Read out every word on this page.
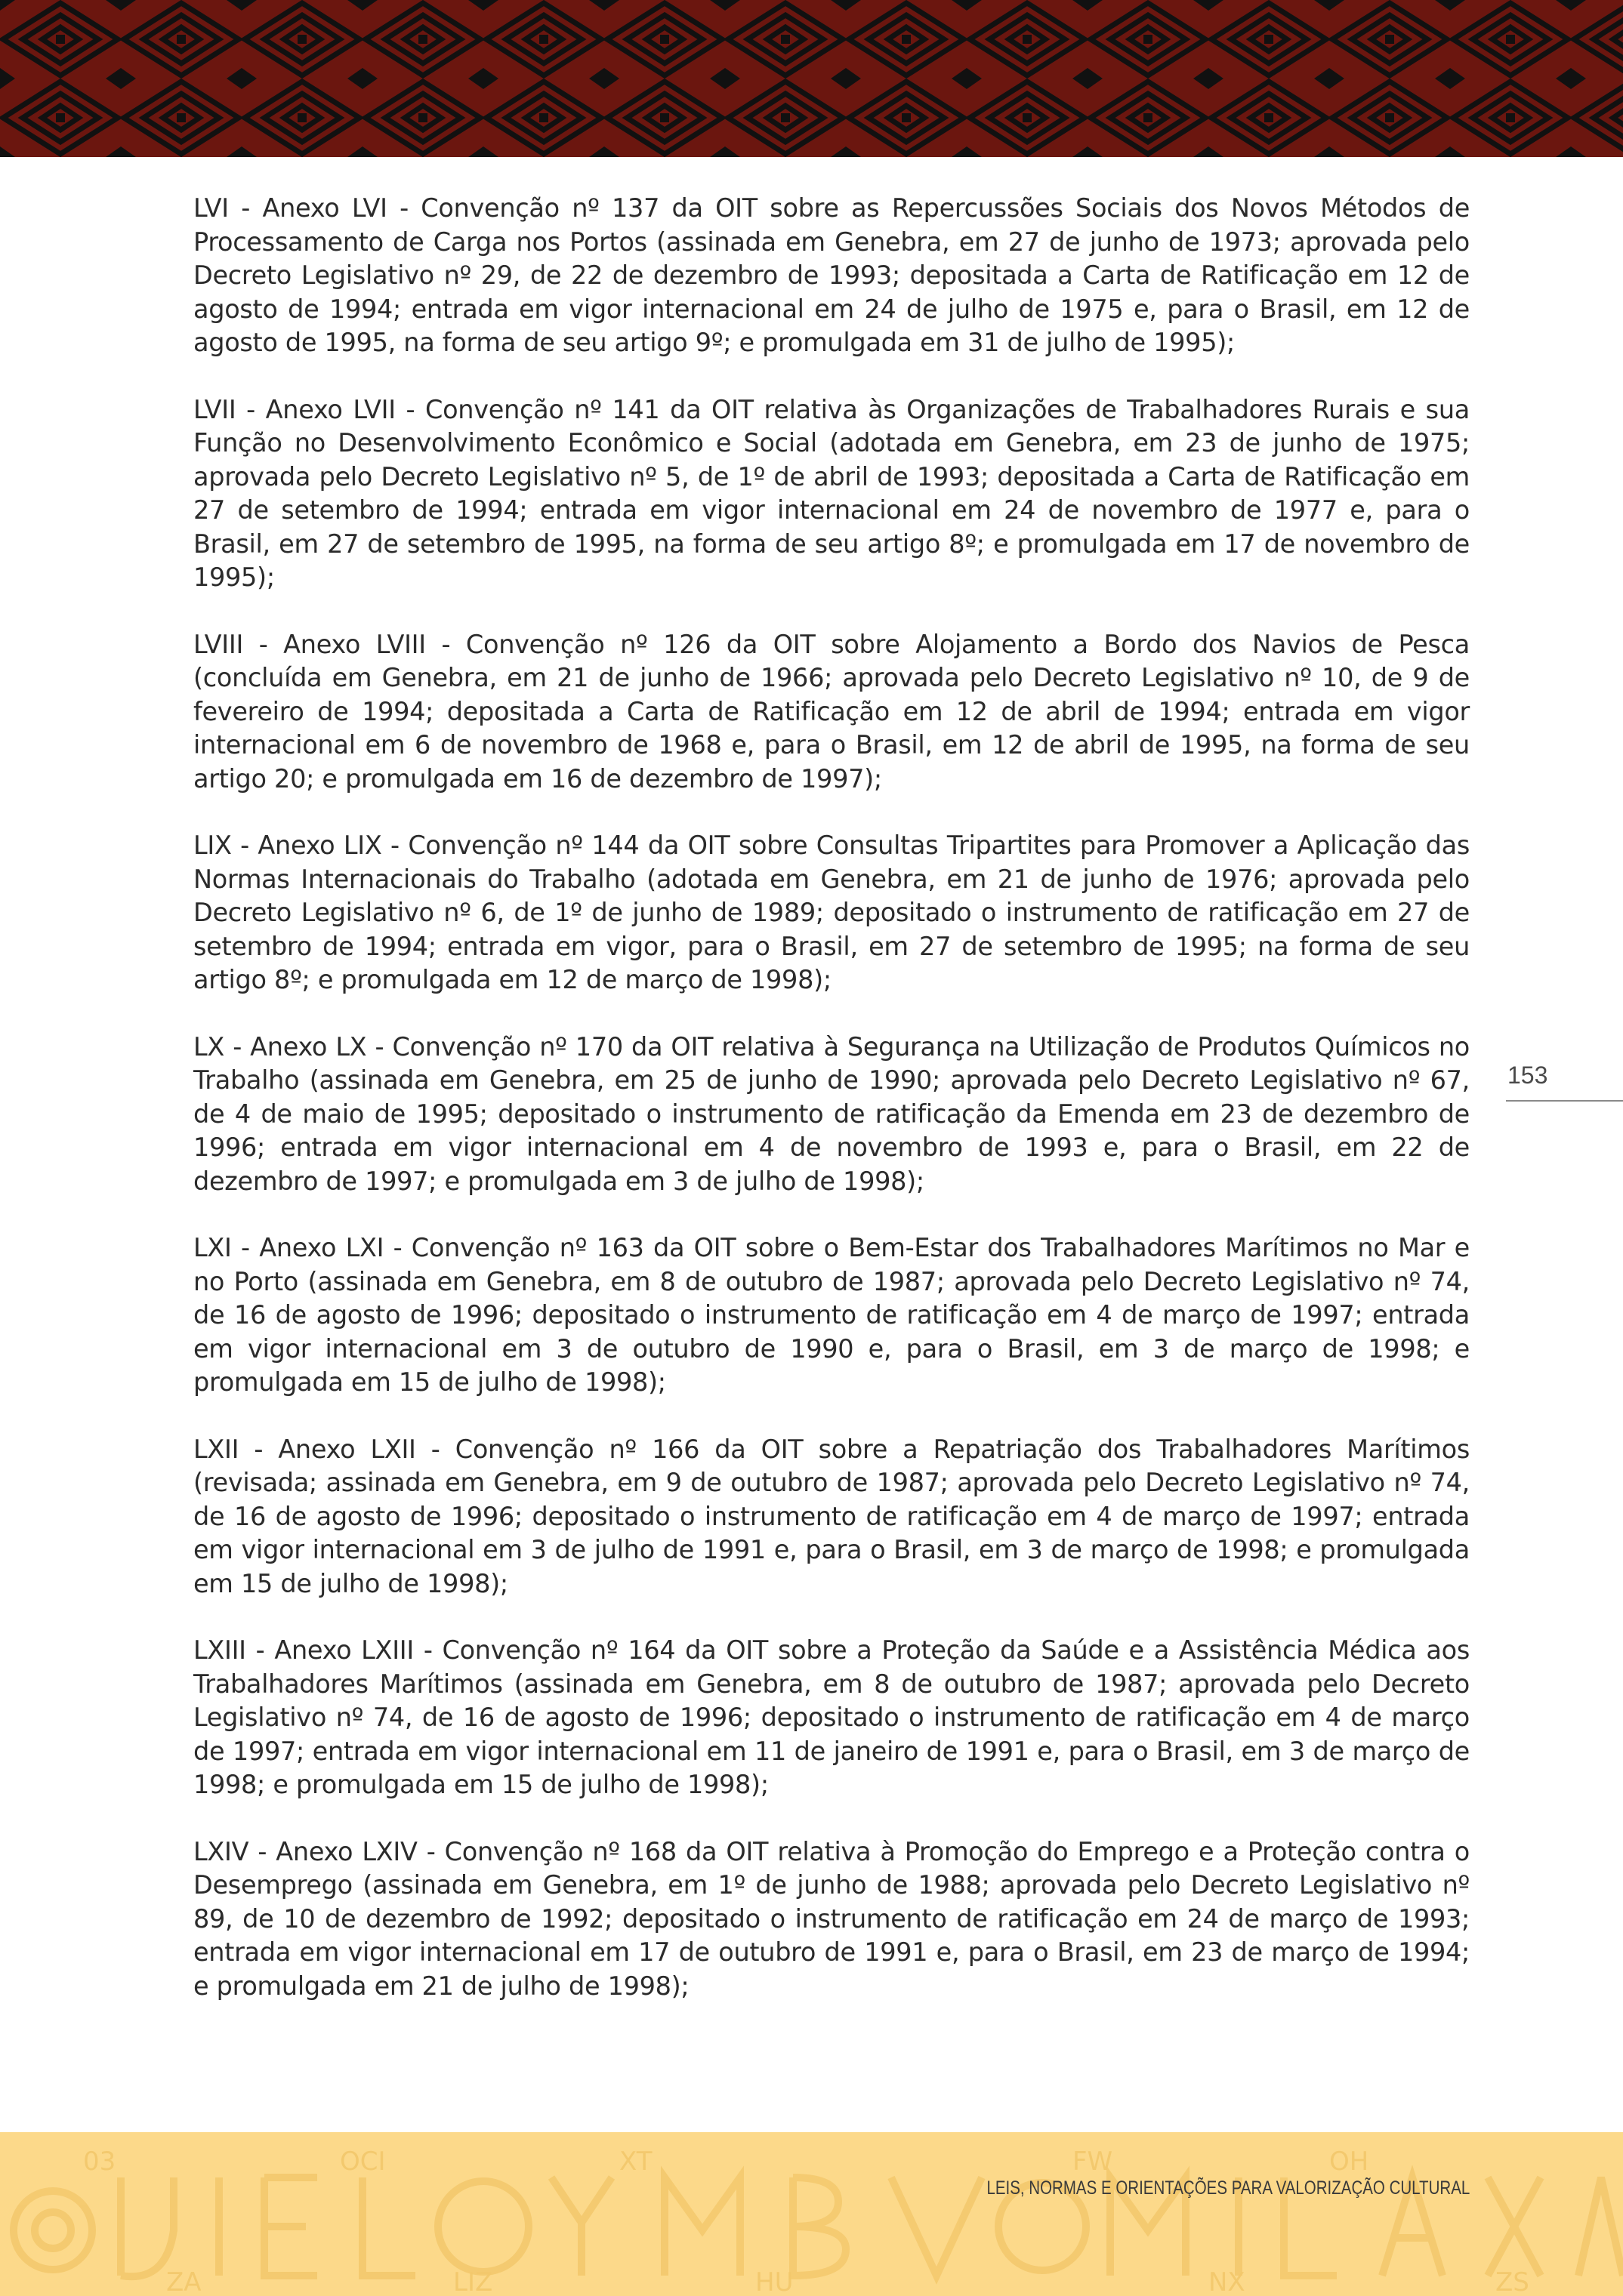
LVI - Anexo LVI - Convenção nº 137 da OIT sobre as Repercussões Sociais dos Novos Métodos de Processamento de Carga nos Portos (assinada em Genebra, em 27 de junho de 1973; aprovada pelo Decreto Legislativo nº 29, de 22 de dezembro de 1993; depositada a Carta de Ratificação em 12 de agosto de 1994; entrada em vigor internacional em 24 de julho de 1975 e, para o Brasil, em 12 de agosto de 1995, na forma de seu artigo 9º; e promulgada em 31 de julho de 1995);

LVII - Anexo LVII - Convenção nº 141 da OIT relativa às Organizações de Trabalhadores Rurais e sua Função no Desenvolvimento Econômico e Social (adotada em Genebra, em 23 de junho de 1975; aprovada pelo Decreto Legislativo nº 5, de 1º de abril de 1993; depositada a Carta de Ratificação em 27 de setembro de 1994; entrada em vigor internacional em 24 de novembro de 1977 e, para o Brasil, em 27 de setembro de 1995, na forma de seu artigo 8º; e promulgada em 17 de novembro de 1995);

LVIII - Anexo LVIII - Convenção nº 126 da OIT sobre Alojamento a Bordo dos Navios de Pesca (concluída em Genebra, em 21 de junho de 1966; aprovada pelo Decreto Legislativo nº 10, de 9 de fevereiro de 1994; depositada a Carta de Ratificação em 12 de abril de 1994; entrada em vigor internacional em 6 de novembro de 1968 e, para o Brasil, em 12 de abril de 1995, na forma de seu artigo 20; e promulgada em 16 de dezembro de 1997);

LIX - Anexo LIX - Convenção nº 144 da OIT sobre Consultas Tripartites para Promover a Aplicação das Normas Internacionais do Trabalho (adotada em Genebra, em 21 de junho de 1976; aprovada pelo Decreto Legislativo nº 6, de 1º de junho de 1989; depositado o instrumento de ratificação em 27 de setembro de 1994; entrada em vigor, para o Brasil, em 27 de setembro de 1995; na forma de seu artigo 8º; e promulgada em 12 de março de 1998);

LX - Anexo LX - Convenção nº 170 da OIT relativa à Segurança na Utilização de Produtos Químicos no Trabalho (assinada em Genebra, em 25 de junho de 1990; aprovada pelo Decreto Legislativo nº 67, de 4 de maio de 1995; depositado o instrumento de ratificação da Emenda em 23 de dezembro de 1996; entrada em vigor internacional em 4 de novembro de 1993 e, para o Brasil, em 22 de dezembro de 1997; e promulgada em 3 de julho de 1998);

LXI - Anexo LXI - Convenção nº 163 da OIT sobre o Bem-Estar dos Trabalhadores Marítimos no Mar e no Porto (assinada em Genebra, em 8 de outubro de 1987; aprovada pelo Decreto Legislativo nº 74, de 16 de agosto de 1996; depositado o instrumento de ratificação em 4 de março de 1997; entrada em vigor internacional em 3 de outubro de 1990 e, para o Brasil, em 3 de março de 1998; e promulgada em 15 de julho de 1998);

LXII - Anexo LXII - Convenção nº 166 da OIT sobre a Repatriação dos Trabalhadores Marítimos (revisada; assinada em Genebra, em 9 de outubro de 1987; aprovada pelo Decreto Legislativo nº 74, de 16 de agosto de 1996; depositado o instrumento de ratificação em 4 de março de 1997; entrada em vigor internacional em 3 de julho de 1991 e, para o Brasil, em 3 de março de 1998; e promulgada em 15 de julho de 1998);

LXIII - Anexo LXIII - Convenção nº 164 da OIT sobre a Proteção da Saúde e a Assistência Médica aos Trabalhadores Marítimos (assinada em Genebra, em 8 de outubro de 1987; aprovada pelo Decreto Legislativo nº 74, de 16 de agosto de 1996; depositado o instrumento de ratificação em 4 de março de 1997; entrada em vigor internacional em 11 de janeiro de 1991 e, para o Brasil, em 3 de março de 1998; e promulgada em 15 de julho de 1998);

LXIV - Anexo LXIV - Convenção nº 168 da OIT relativa à Promoção do Emprego e a Proteção contra o Desemprego (assinada em Genebra, em 1º de junho de 1988; aprovada pelo Decreto Legislativo nº 89, de 10 de dezembro de 1992; depositado o instrumento de ratificação em 24 de março de 1993; entrada em vigor internacional em 17 de outubro de 1991 e, para o Brasil, em 23 de março de 1994; e promulgada em 21 de julho de 1998);

153
03	OCI	XT	FW	OH
ZA	LIZ	HU	NX	ZS
LEIS, NORMAS E ORIENTAÇÕES PARA VALORIZAÇÃO CULTURAL
